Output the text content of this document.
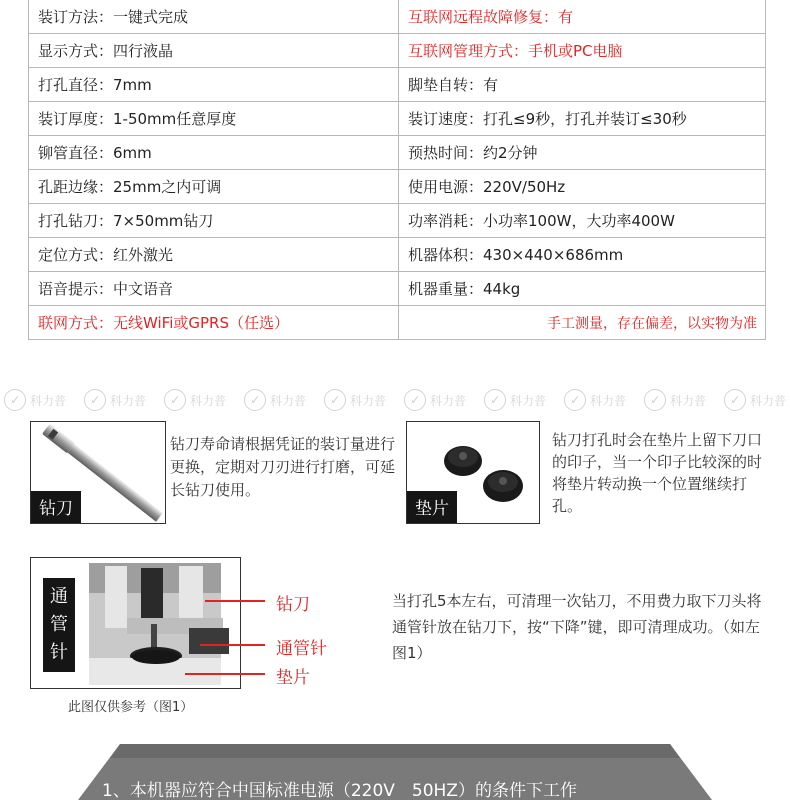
装订方法：一键式完成	互联网远程故障修复：有
显示方式：四行液晶	互联网管理方式：手机或PC电脑
打孔直径：7mm	脚垫自转：有
装订厚度：1-50mm任意厚度	装订速度：打孔≤9秒，打孔并装订≤30秒
铆管直径：6mm	预热时间：约2分钟
孔距边缘：25mm之内可调	使用电源：220V/50Hz
打孔钻刀：7×50mm钻刀	功率消耗：小功率100W，大功率400W
定位方式：红外激光	机器体积：430×440×686mm
语音提示：中文语音	机器重量：44kg
联网方式：无线WiFi或GPRS（任选）	手工测量，存在偏差，以实物为准
✓ 科力普	✓ 科力普	✓ 科力普	✓ 科力普	✓ 科力普	✓ 科力普	✓ 科力普	✓ 科力普	✓ 科力普	✓ 科力普
钻刀
钻刀寿命请根据凭证的装订量进行更换，定期对刀刃进行打磨，可延长钻刀使用。
垫片
钻刀打孔时会在垫片上留下刀口的印子，当一个印子比较深的时将垫片转动换一个位置继续打孔。
通管针
钻刀
通管针
垫片
此图仅供参考（图1）
当打孔5本左右，可清理一次钻刀，不用费力取下刀头将通管针放在钻刀下，按“下降”键，即可清理成功。（如左图1）
1、本机器应符合中国标准电源（220V　50HZ）的条件下工作
